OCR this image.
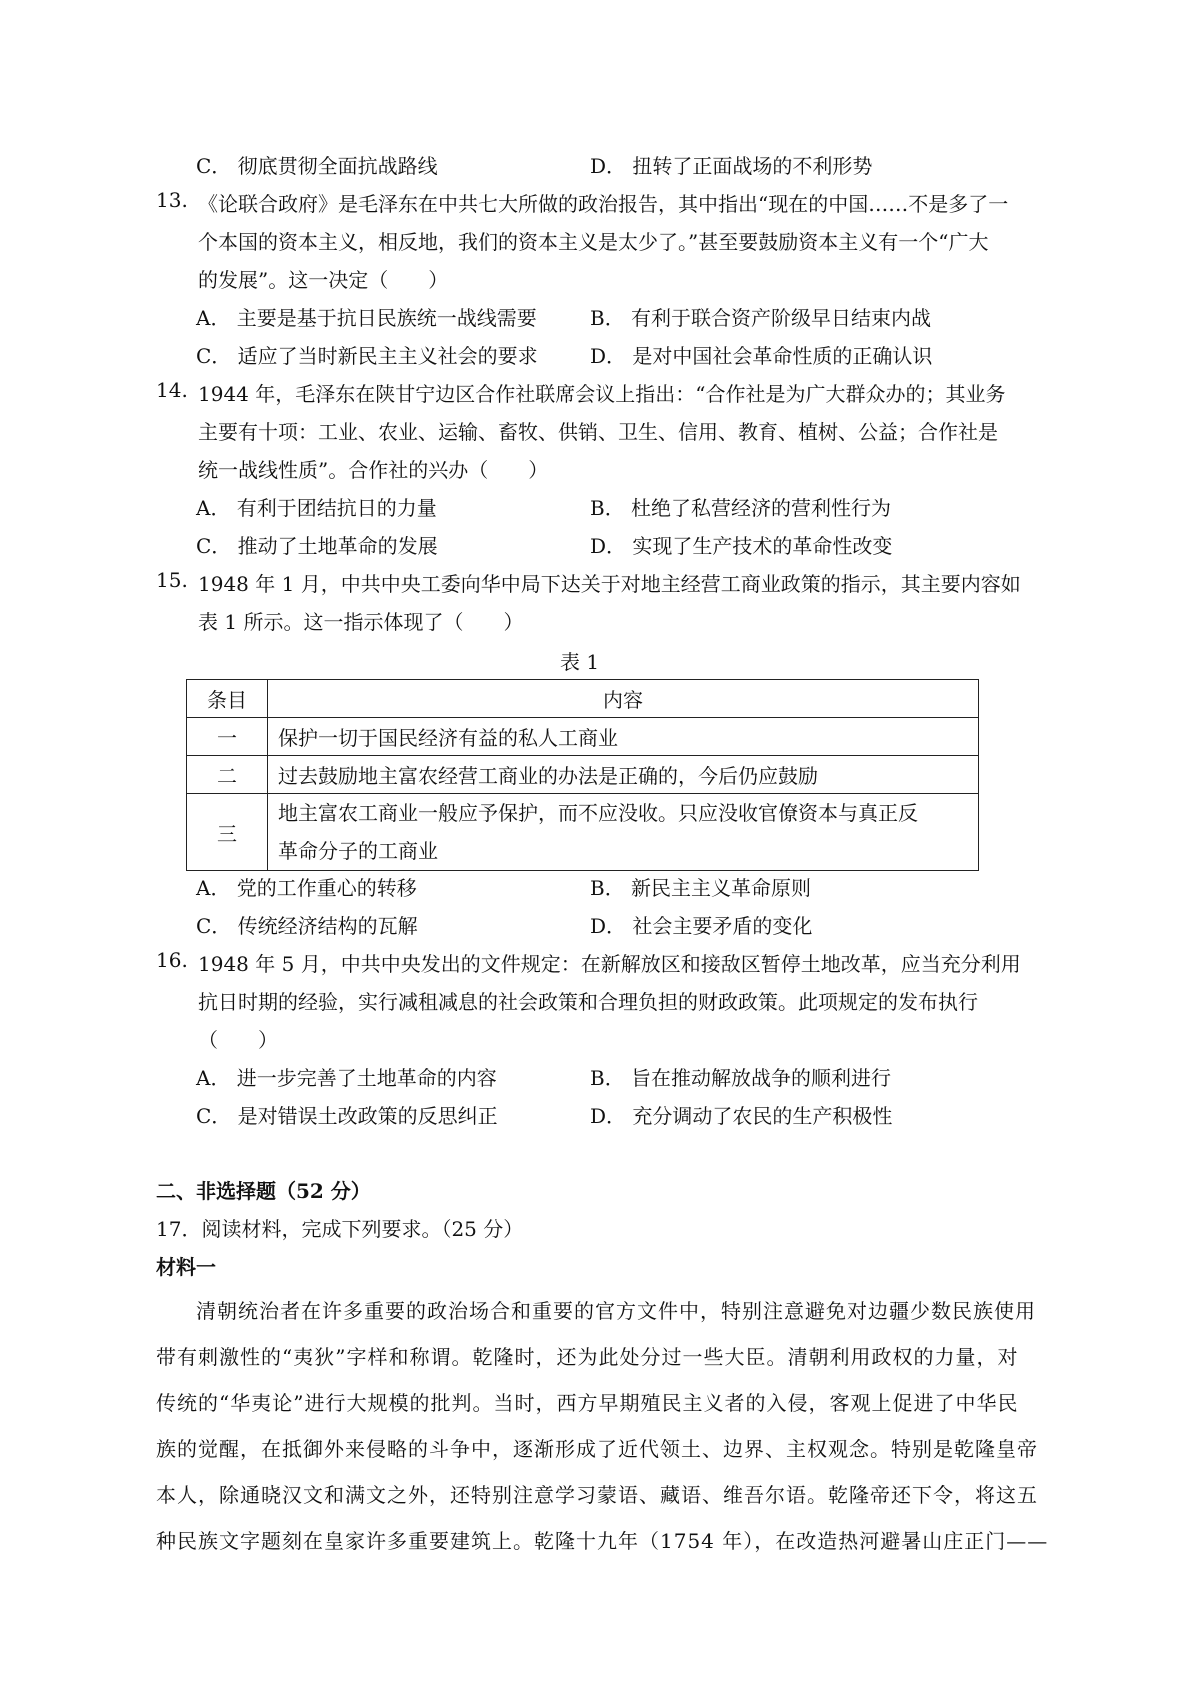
C． 彻底贯彻全面抗战路线	D． 扭转了正面战场的不利形势
13. 《论联合政府》是毛泽东在中共七大所做的政治报告，其中指出“现在的中国……不是多了一
个本国的资本主义，相反地，我们的资本主义是太少了。”甚至要鼓励资本主义有一个“广大
的发展”。这一决定（　　）
A． 主要是基于抗日民族统一战线需要	B． 有利于联合资产阶级早日结束内战
C． 适应了当时新民主主义社会的要求	D． 是对中国社会革命性质的正确认识
14. 1944 年，毛泽东在陕甘宁边区合作社联席会议上指出：“合作社是为广大群众办的；其业务
主要有十项：工业、农业、运输、畜牧、供销、卫生、信用、教育、植树、公益；合作社是
统一战线性质”。合作社的兴办（　　）
A． 有利于团结抗日的力量	B． 杜绝了私营经济的营利性行为
C． 推动了土地革命的发展	D． 实现了生产技术的革命性改变
15. 1948 年 1 月，中共中央工委向华中局下达关于对地主经营工商业政策的指示，其主要内容如
表 1 所示。这一指示体现了（　　）
表 1
条目	内容
一	保护一切于国民经济有益的私人工商业
二	过去鼓励地主富农经营工商业的办法是正确的，今后仍应鼓励
三	地主富农工商业一般应予保护，而不应没收。只应没收官僚资本与真正反
革命分子的工商业
A． 党的工作重心的转移	B． 新民主主义革命原则
C． 传统经济结构的瓦解	D． 社会主要矛盾的变化
16. 1948 年 5 月，中共中央发出的文件规定：在新解放区和接敌区暂停土地改革，应当充分利用
抗日时期的经验，实行减租减息的社会政策和合理负担的财政政策。此项规定的发布执行
（　　）
A． 进一步完善了土地革命的内容	B． 旨在推动解放战争的顺利进行
C． 是对错误土改政策的反思纠正	D． 充分调动了农民的生产积极性
二、非选择题（52 分）
17．阅读材料，完成下列要求。（25 分）
材料一
清朝统治者在许多重要的政治场合和重要的官方文件中，特别注意避免对边疆少数民族使用
带有刺激性的“夷狄”字样和称谓。乾隆时，还为此处分过一些大臣。清朝利用政权的力量，对
传统的“华夷论”进行大规模的批判。当时，西方早期殖民主义者的入侵，客观上促进了中华民
族的觉醒，在抵御外来侵略的斗争中，逐渐形成了近代领土、边界、主权观念。特别是乾隆皇帝
本人，除通晓汉文和满文之外，还特别注意学习蒙语、藏语、维吾尔语。乾隆帝还下令，将这五
种民族文字题刻在皇家许多重要建筑上。乾隆十九年（1754 年），在改造热河避暑山庄正门——
